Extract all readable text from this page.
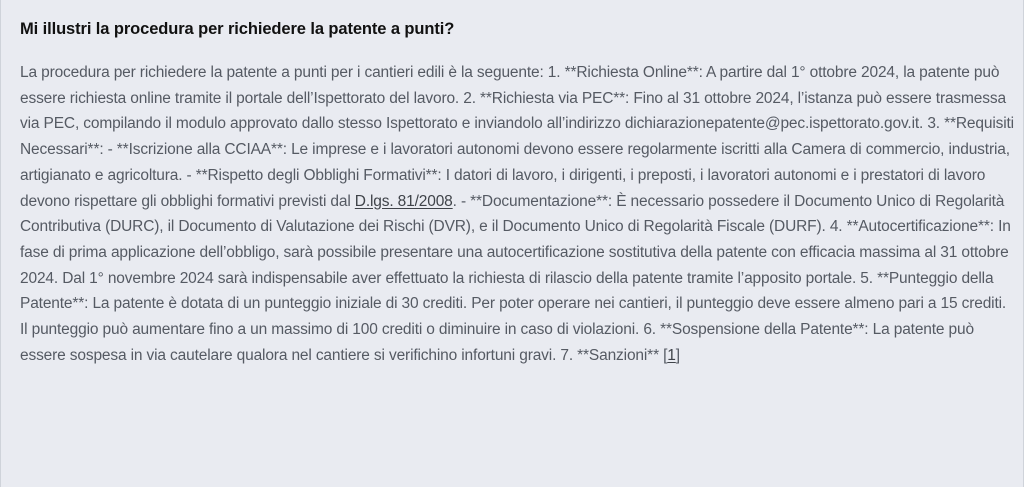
Mi illustri la procedura per richiedere la patente a punti?

La procedura per richiedere la patente a punti per i cantieri edili è la seguente: 1. **Richiesta Online**: A partire dal 1° ottobre 2024, la patente può essere richiesta online tramite il portale dell’Ispettorato del lavoro. 2. **Richiesta via PEC**: Fino al 31 ottobre 2024, l’istanza può essere trasmessa via PEC, compilando il modulo approvato dallo stesso Ispettorato e inviandolo all’indirizzo dichiarazionepatente@pec.ispettorato.gov.it. 3. **Requisiti Necessari**: - **Iscrizione alla CCIAA**: Le imprese e i lavoratori autonomi devono essere regolarmente iscritti alla Camera di commercio, industria, artigianato e agricoltura. - **Rispetto degli Obblighi Formativi**: I datori di lavoro, i dirigenti, i preposti, i lavoratori autonomi e i prestatori di lavoro devono rispettare gli obblighi formativi previsti dal D.lgs. 81/2008. - **Documentazione**: È necessario possedere il Documento Unico di Regolarità Contributiva (DURC), il Documento di Valutazione dei Rischi (DVR), e il Documento Unico di Regolarità Fiscale (DURF). 4. **Autocertificazione**: In fase di prima applicazione dell’obbligo, sarà possibile presentare una autocertificazione sostitutiva della patente con efficacia massima al 31 ottobre 2024. Dal 1° novembre 2024 sarà indispensabile aver effettuato la richiesta di rilascio della patente tramite l’apposito portale. 5. **Punteggio della Patente**: La patente è dotata di un punteggio iniziale di 30 crediti. Per poter operare nei cantieri, il punteggio deve essere almeno pari a 15 crediti. Il punteggio può aumentare fino a un massimo di 100 crediti o diminuire in caso di violazioni. 6. **Sospensione della Patente**: La patente può essere sospesa in via cautelare qualora nel cantiere si verifichino infortuni gravi. 7. **Sanzioni** [1]
